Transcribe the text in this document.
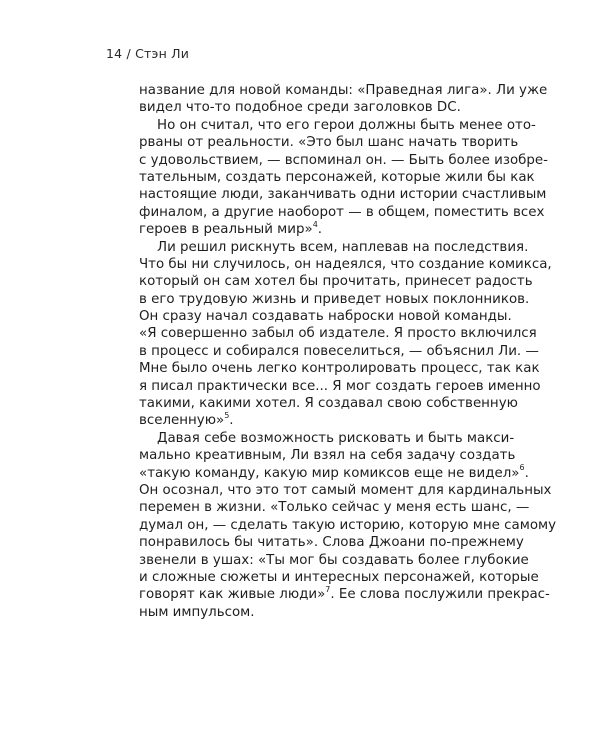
14 / Стэн Ли
название для новой команды: «Праведная лига». Ли уже
видел что-то подобное среди заголовков DC.
Но он считал, что его герои должны быть менее ото-
рваны от реальности. «Это был шанс начать творить
с удовольствием, — вспоминал он. — Быть более изобре-
тательным, создать персонажей, которые жили бы как
настоящие люди, заканчивать одни истории счастливым
финалом, а другие наоборот — в общем, поместить всех
героев в реальный мир»$^4$.
Ли решил рискнуть всем, наплевав на последствия.
Что бы ни случилось, он надеялся, что создание комикса,
который он сам хотел бы прочитать, принесет радость
в его трудовую жизнь и приведет новых поклонников.
Он сразу начал создавать наброски новой команды.
«Я совершенно забыл об издателе. Я просто включился
в процесс и собирался повеселиться, — объяснил Ли. —
Мне было очень легко контролировать процесс, так как
я писал практически все... Я мог создать героев именно
такими, какими хотел. Я создавал свою собственную
вселенную»$^5$.
Давая себе возможность рисковать и быть макси-
мально креативным, Ли взял на себя задачу создать
«такую команду, какую мир комиксов еще не видел»$^6$.
Он осознал, что это тот самый момент для кардинальных
перемен в жизни. «Только сейчас у меня есть шанс, —
думал он, — сделать такую историю, которую мне самому
понравилось бы читать». Слова Джоани по-прежнему
звенели в ушах: «Ты мог бы создавать более глубокие
и сложные сюжеты и интересных персонажей, которые
говорят как живые люди»$^7$. Ее слова послужили прекрас-
ным импульсом.
